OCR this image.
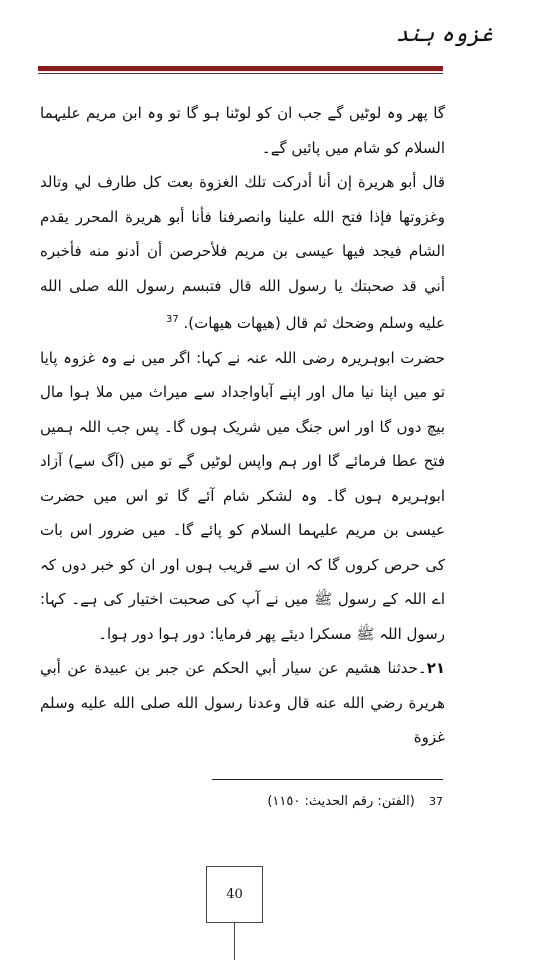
غزوہ ہند

گا پھر وہ لوٹیں گے جب ان کو لوٹنا ہو گا تو وہ ابن مریم علیہما السلام کو شام میں پائیں گے۔

قال أبو هريرة إن أنا أدركت تلك الغزوة بعت كل طارف لي وتالد وغزوتها فإذا فتح الله علينا وانصرفنا فأنا أبو هريرة المحرر يقدم الشام فيجد فيها عيسى بن مريم فلأحرصن أن أدنو منه فأخبره أني قد صحبتك يا رسول الله قال فتبسم رسول الله صلى الله عليه وسلم وضحك ثم قال (هيهات هيهات). $^{37}$

حضرت ابوہریرہ رضی اللہ عنہ نے کہا: اگر میں نے وہ غزوہ پایا تو میں اپنا نیا مال اور اپنے آباواجداد سے میراث میں ملا ہوا مال بیچ دوں گا اور اس جنگ میں شریک ہوں گا۔ پس جب اللہ ہمیں فتح عطا فرمائے گا اور ہم واپس لوٹیں گے تو میں (آگ سے) آزاد ابوہریرہ ہوں گا۔ وہ لشکر شام آئے گا تو اس میں حضرت عیسی بن مریم علیہما السلام کو پائے گا۔ میں ضرور اس بات کی حرص کروں گا کہ ان سے قریب ہوں اور ان کو خبر دوں کہ اے اللہ کے رسول ﷺ میں نے آپ کی صحبت اختیار کی ہے۔ کہا: رسول اللہ ﷺ مسکرا دیئے پھر فرمایا: دور ہوا دور ہوا۔

٢١۔حدثنا هشيم عن سيار أبي الحكم عن جبر بن عبيدة عن أبي هريرة رضي الله عنه قال وعدنا رسول الله صلى الله عليه وسلم غزوة

37 (الفتن: رقم الحدیث: ١١٥٠)
40
